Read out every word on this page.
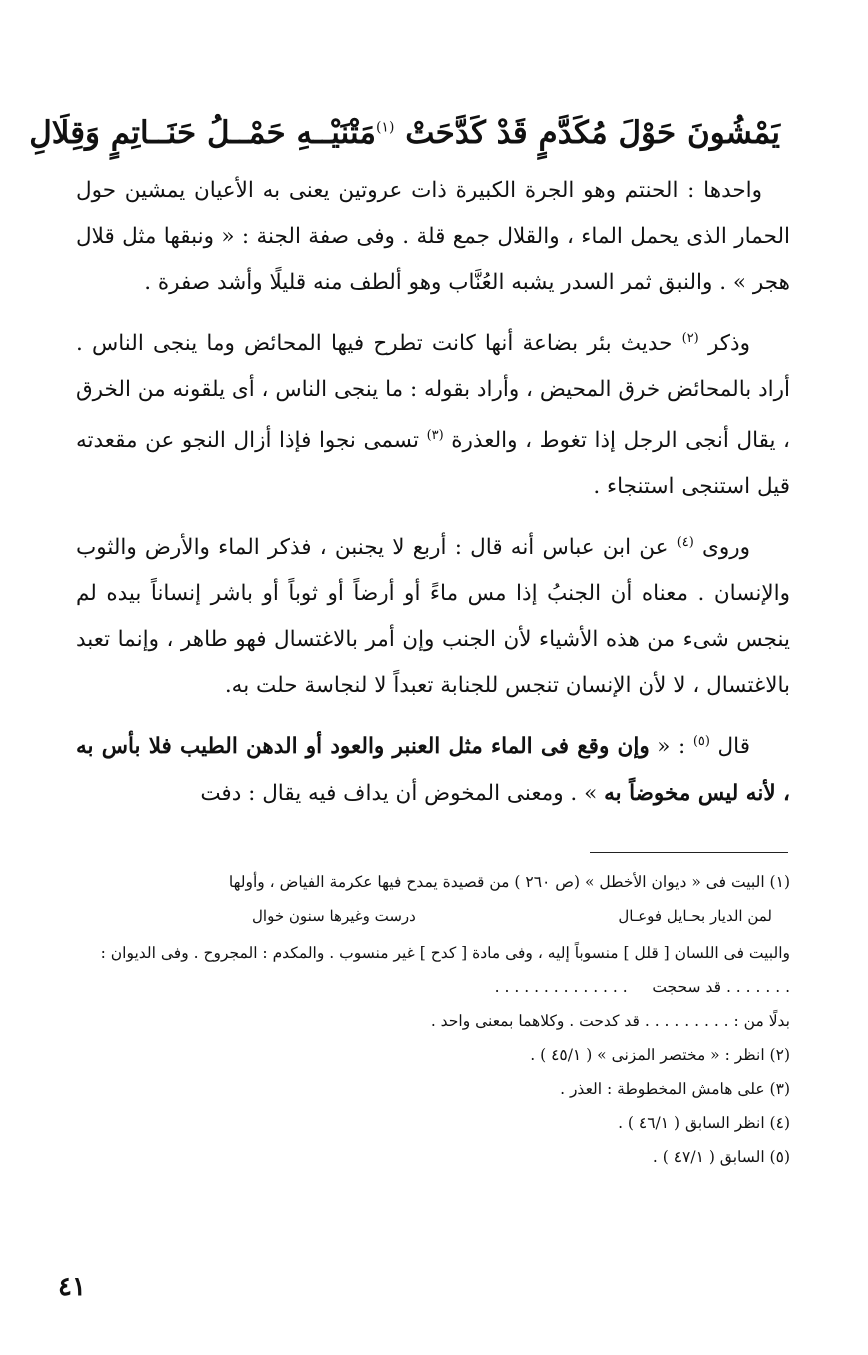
يَمْشُونَ حَوْلَ مُكَدَّمٍ قَدْ كَدَّحَتْ $^{(١)}$
مَتْنَيْــهِ حَمْــلُ حَنَــاتِمٍ وَقِلَالِ

واحدها : الحنتم وهو الجرة الكبيرة ذات عروتين يعنى به الأعيان يمشين حول الحمار الذى يحمل الماء ، والقلال جمع قلة . وفى صفة الجنة : « ونبقها مثل قلال هجر » . والنبق ثمر السدر يشبه العُنَّاب وهو ألطف منه قليلًا وأشد صفرة .

وذكر $^{(٢)}$ حديث بئر بضاعة أنها كانت تطرح فيها المحائض وما ينجى الناس . أراد بالمحائض خرق المحيض ، وأراد بقوله : ما ينجى الناس ، أى يلقونه من الخرق ، يقال أنجى الرجل إذا تغوط ، والعذرة $^{(٣)}$ تسمى نجوا فإذا أزال النجو عن مقعدته قيل استنجى استنجاء .

وروى $^{(٤)}$ عن ابن عباس أنه قال : أربع لا يجنبن ، فذكر الماء والأرض والثوب والإنسان . معناه أن الجنبُ إذا مس ماءً أو أرضاً أو ثوباً أو باشر إنساناً بيده لم ينجس شىء من هذه الأشياء لأن الجنب وإن أمر بالاغتسال فهو طاهر ، وإنما تعبد بالاغتسال ، لا لأن الإنسان تنجس للجنابة تعبداً لا لنجاسة حلت به.

قال $^{(٥)}$ : « وإن وقع فى الماء مثل العنبر والعود أو الدهن الطيب فلا بأس به ، لأنه ليس مخوضاً به » . ومعنى المخوض أن يداف فيه يقال : دفت

(١) البيت فى « ديوان الأخطل » (ص ٢٦٠ ) من قصيدة يمدح فيها عكرمة الفياض ، وأولها

لمن الديار بحـايل فوعـال
درست وغيرها سنون خوال

والبيت فى اللسان [ قلل ] منسوباً إليه ، وفى مادة [ كدح ] غير منسوب . والمكدم : المجروح . وفى الديوان :

. . . . . . . قد سحجت     . . . . . . . . . . . . . .

بدلًا من : . . . . . . . . . قد كدحت . وكلاهما بمعنى واحد .

(٢) انظر : « مختصر المزنى » ( ٤٥/١ ) .

(٣) على هامش المخطوطة : العذر .

(٤) انظر السابق ( ٤٦/١ ) .

(٥) السابق ( ٤٧/١ ) .

٤١
